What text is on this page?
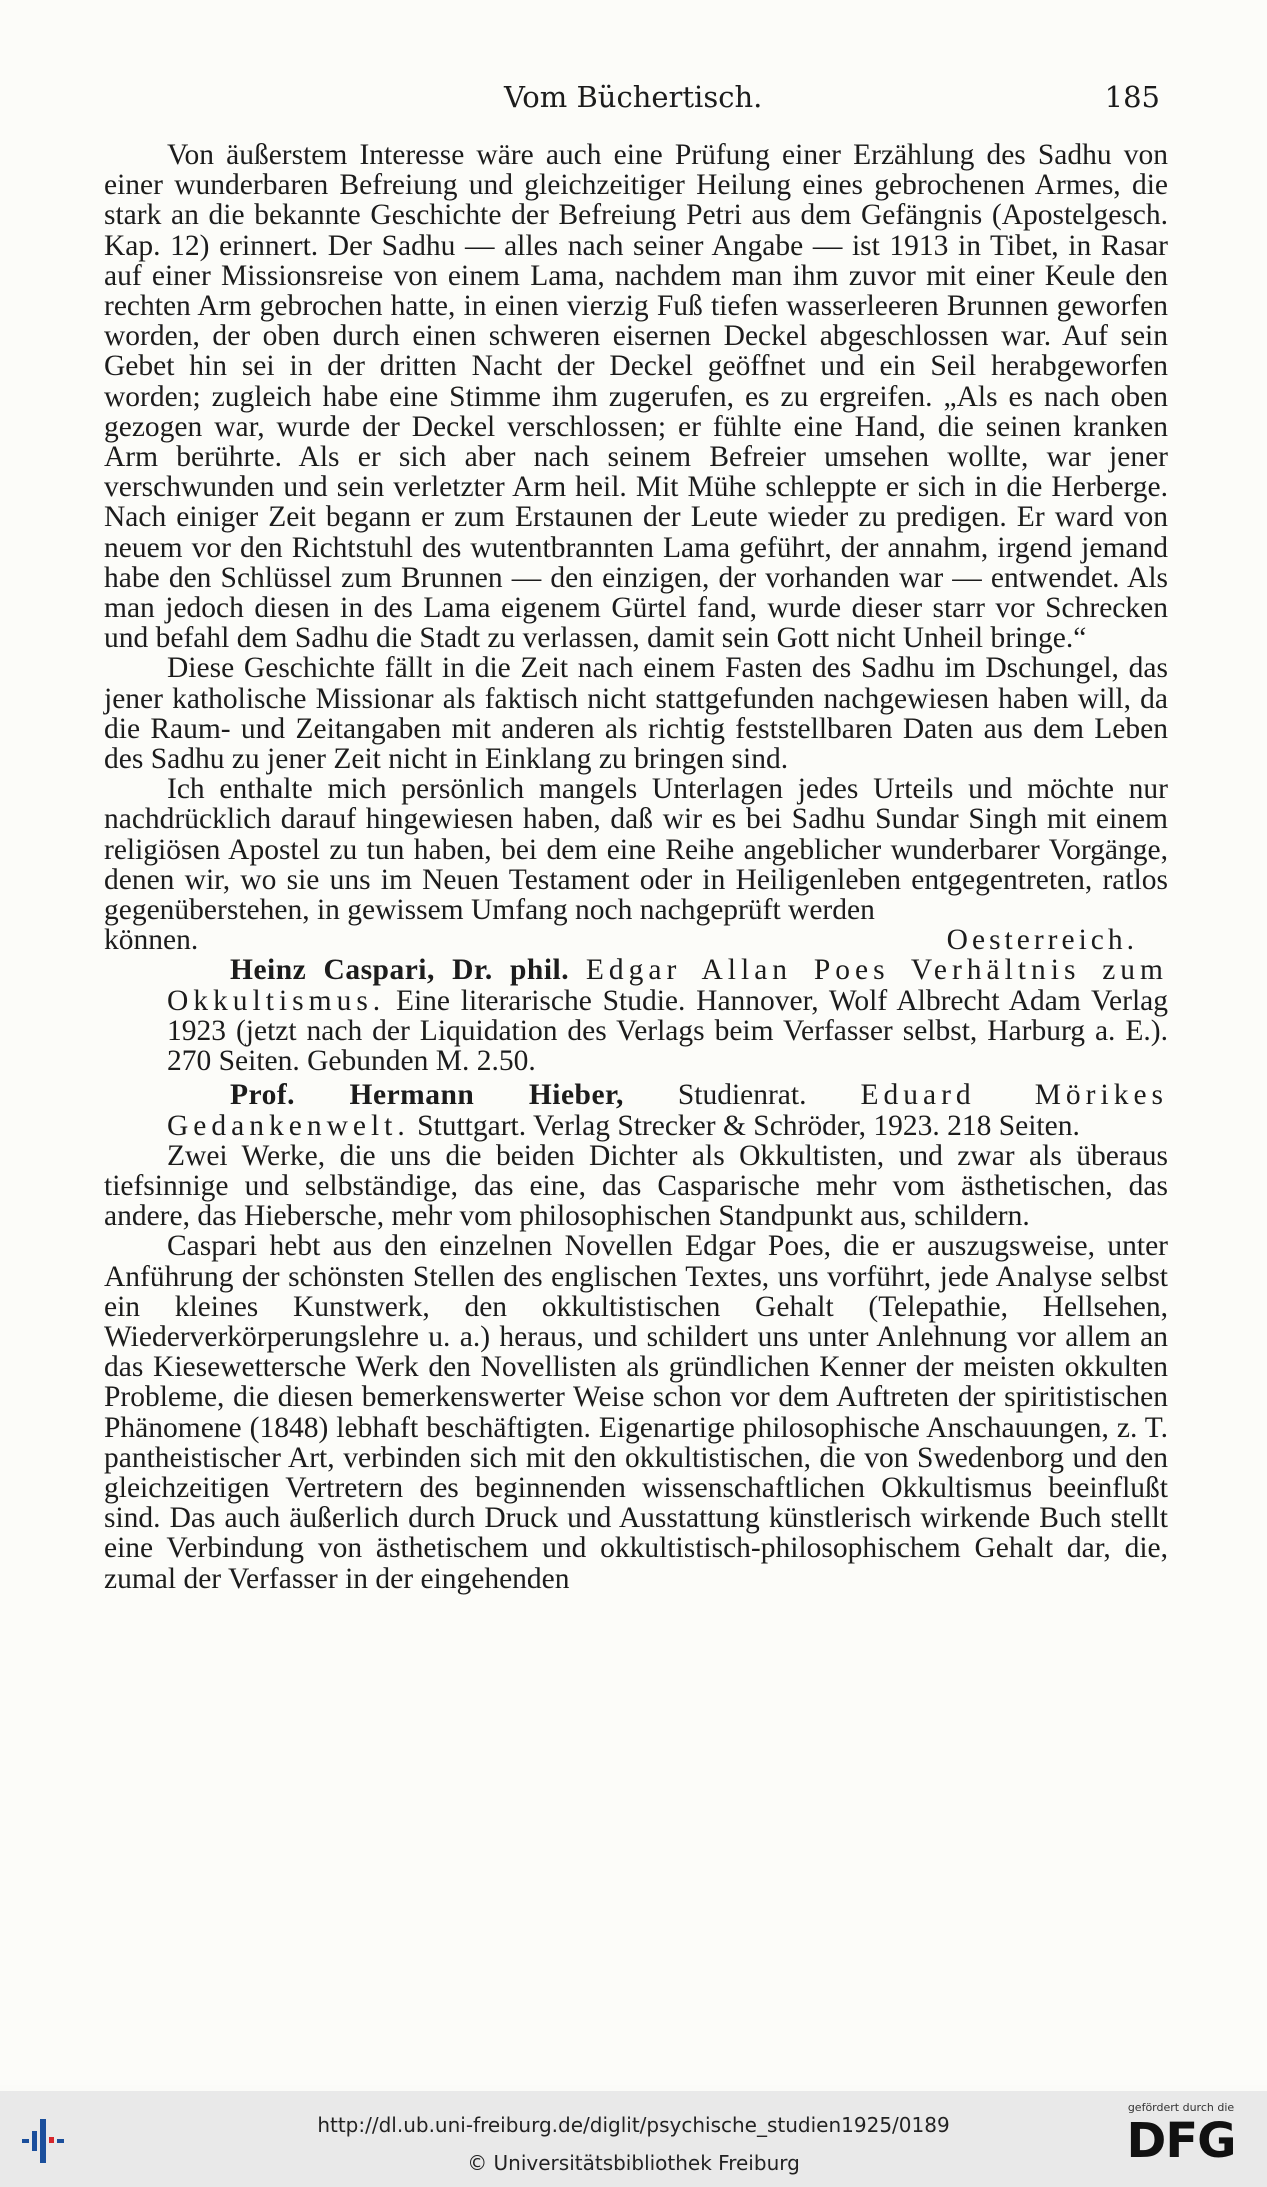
Vom Büchertisch.	185

Von äußerstem Interesse wäre auch eine Prüfung einer Erzählung des Sadhu von einer wunderbaren Befreiung und gleichzeitiger Heilung eines gebrochenen Armes, die stark an die bekannte Geschichte der Befreiung Petri aus dem Gefängnis (Apostelgesch. Kap. 12) erinnert. Der Sadhu — alles nach seiner Angabe — ist 1913 in Tibet, in Rasar auf einer Missionsreise von einem Lama, nachdem man ihm zuvor mit einer Keule den rechten Arm gebrochen hatte, in einen vierzig Fuß tiefen wasserleeren Brunnen geworfen worden, der oben durch einen schweren eisernen Deckel abgeschlossen war. Auf sein Gebet hin sei in der dritten Nacht der Deckel geöffnet und ein Seil herabgeworfen worden; zugleich habe eine Stimme ihm zugerufen, es zu ergreifen. „Als es nach oben gezogen war, wurde der Deckel verschlossen; er fühlte eine Hand, die seinen kranken Arm berührte. Als er sich aber nach seinem Befreier umsehen wollte, war jener verschwunden und sein verletzter Arm heil. Mit Mühe schleppte er sich in die Herberge. Nach einiger Zeit begann er zum Erstaunen der Leute wieder zu predigen. Er ward von neuem vor den Richtstuhl des wutentbrannten Lama geführt, der annahm, irgend jemand habe den Schlüssel zum Brunnen — den einzigen, der vorhanden war — entwendet. Als man jedoch diesen in des Lama eigenem Gürtel fand, wurde dieser starr vor Schrecken und befahl dem Sadhu die Stadt zu verlassen, damit sein Gott nicht Unheil bringe.“

Diese Geschichte fällt in die Zeit nach einem Fasten des Sadhu im Dschungel, das jener katholische Missionar als faktisch nicht stattgefunden nachgewiesen haben will, da die Raum- und Zeitangaben mit anderen als richtig feststellbaren Daten aus dem Leben des Sadhu zu jener Zeit nicht in Einklang zu bringen sind.

Ich enthalte mich persönlich mangels Unterlagen jedes Urteils und möchte nur nachdrücklich darauf hingewiesen haben, daß wir es bei Sadhu Sundar Singh mit einem religiösen Apostel zu tun haben, bei dem eine Reihe angeblicher wunderbarer Vorgänge, denen wir, wo sie uns im Neuen Testament oder in Heiligenleben entgegentreten, ratlos gegenüberstehen, in gewissem Umfang noch nachgeprüft werden

können.	Oesterreich.

Heinz Caspari, Dr. phil. Edgar Allan Poes Verhältnis zum Okkultismus. Eine literarische Studie. Hannover, Wolf Albrecht Adam Verlag 1923 (jetzt nach der Liquidation des Verlags beim Verfasser selbst, Harburg a. E.). 270 Seiten. Gebunden M. 2.50.

Prof. Hermann Hieber, Studienrat. Eduard Mörikes Gedankenwelt. Stuttgart. Verlag Strecker & Schröder, 1923. 218 Seiten.

Zwei Werke, die uns die beiden Dichter als Okkultisten, und zwar als überaus tiefsinnige und selbständige, das eine, das Casparische mehr vom ästhetischen, das andere, das Hiebersche, mehr vom philosophischen Standpunkt aus, schildern.

Caspari hebt aus den einzelnen Novellen Edgar Poes, die er auszugsweise, unter Anführung der schönsten Stellen des englischen Textes, uns vorführt, jede Analyse selbst ein kleines Kunstwerk, den okkultistischen Gehalt (Telepathie, Hellsehen, Wiederverkörperungslehre u. a.) heraus, und schildert uns unter Anlehnung vor allem an das Kiesewettersche Werk den Novellisten als gründlichen Kenner der meisten okkulten Probleme, die diesen bemerkenswerter Weise schon vor dem Auftreten der spiritistischen Phänomene (1848) lebhaft beschäftigten. Eigenartige philosophische Anschauungen, z. T. pantheistischer Art, verbinden sich mit den okkultistischen, die von Swedenborg und den gleichzeitigen Vertretern des beginnenden wissenschaftlichen Okkultismus beeinflußt sind. Das auch äußerlich durch Druck und Ausstattung künstlerisch wirkende Buch stellt eine Verbindung von ästhetischem und okkultistisch-philosophischem Gehalt dar, die, zumal der Verfasser in der eingehenden

http://dl.ub.uni-freiburg.de/diglit/psychische_studien1925/0189
© Universitätsbibliothek Freiburg
gefördert durch die
DFG
